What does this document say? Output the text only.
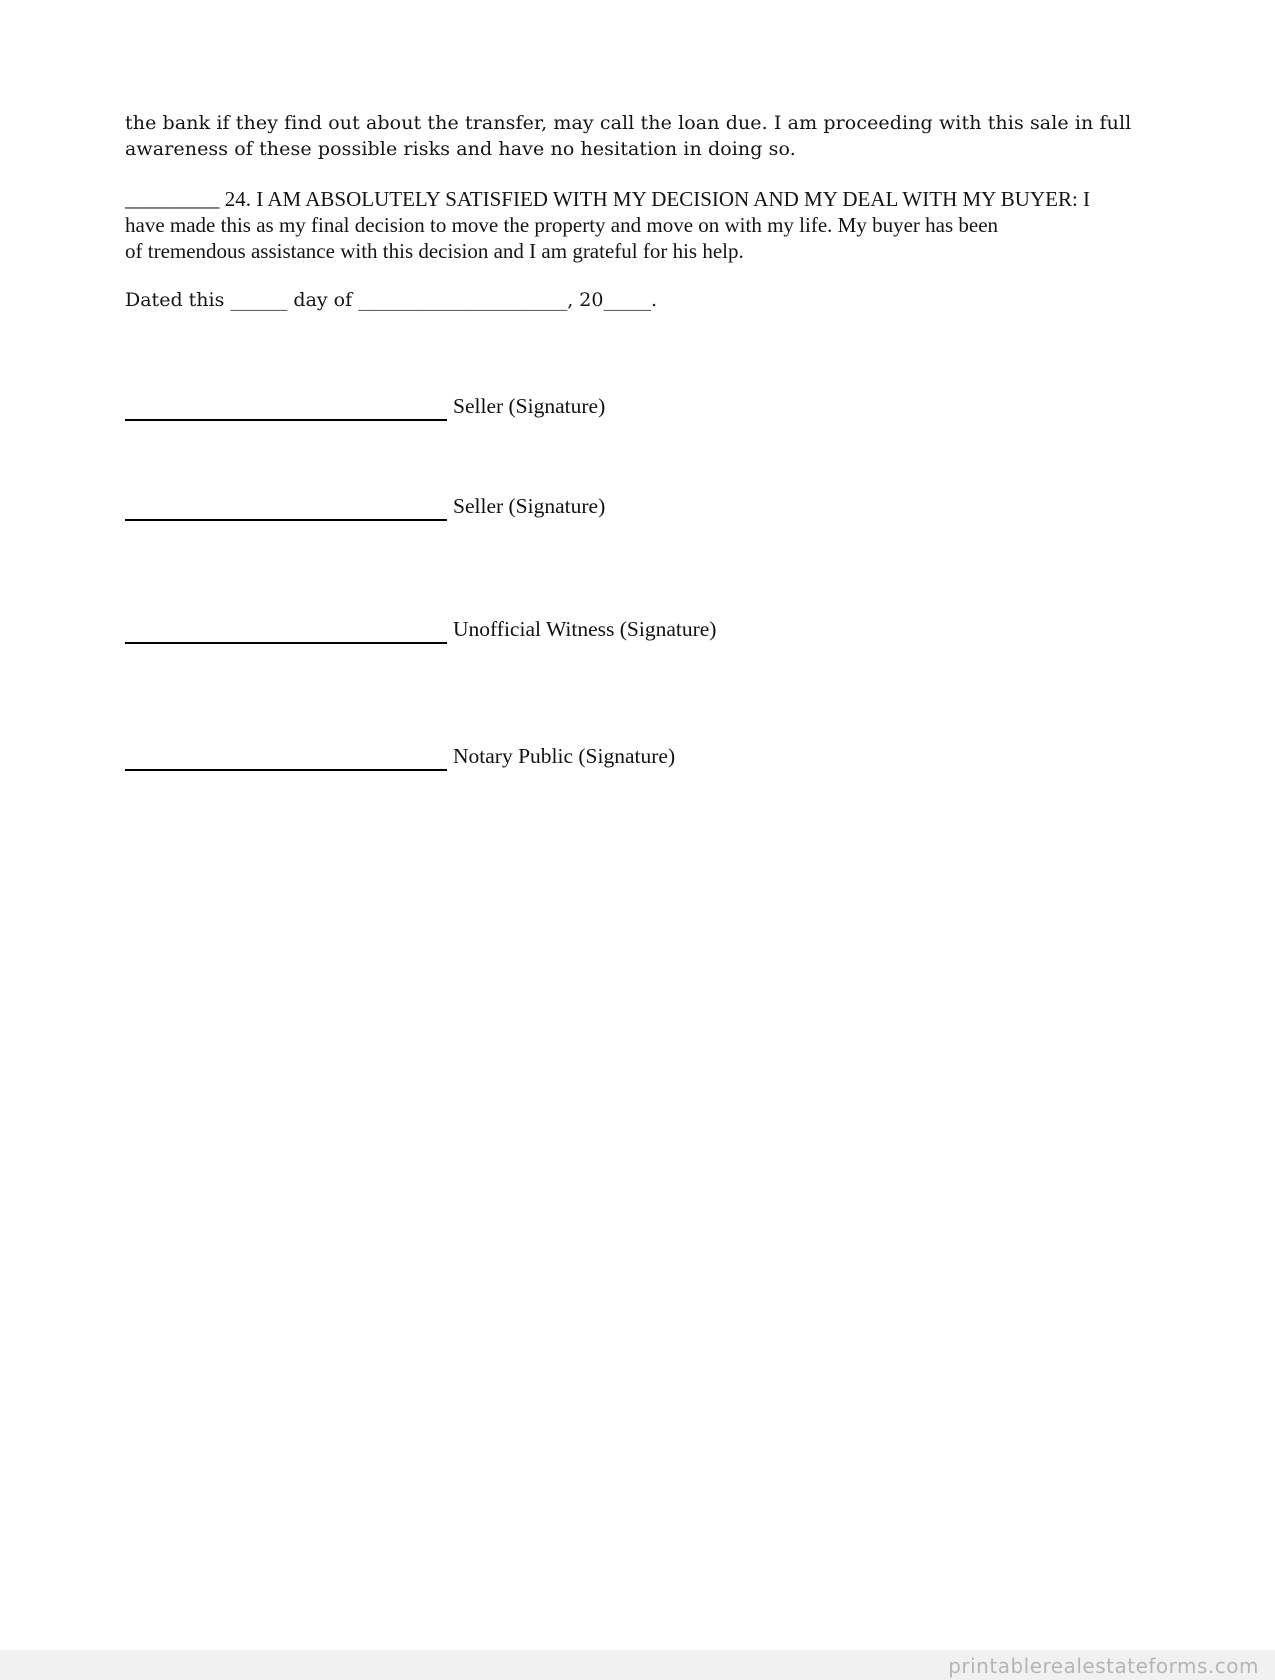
the bank if they find out about the transfer, may call the loan due. I am proceeding with this sale in full
awareness of these possible risks and have no hesitation in doing so.
_________ 24. I AM ABSOLUTELY SATISFIED WITH MY DECISION AND MY DEAL WITH MY BUYER: I
have made this as my final decision to move the property and move on with my life. My buyer has been
of tremendous assistance with this decision and I am grateful for his help.
Dated this ______ day of ______________________, 20_____.
Seller (Signature)
Seller (Signature)
Unofficial Witness (Signature)
Notary Public (Signature)
printablerealestateforms.com
